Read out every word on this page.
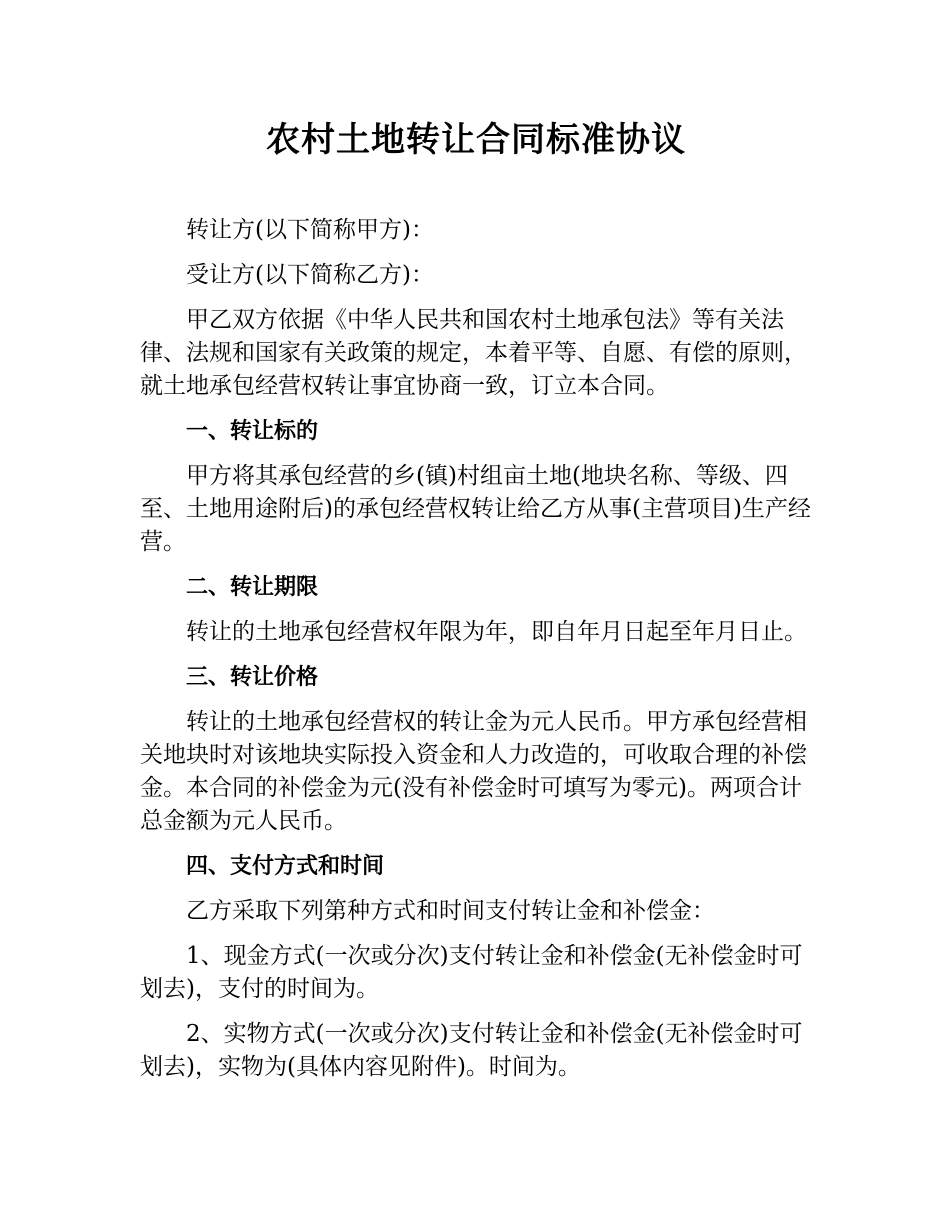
农村土地转让合同标准协议

转让方(以下简称甲方)：

受让方(以下简称乙方)：

甲乙双方依据《中华人民共和国农村土地承包法》等有关法律、法规和国家有关政策的规定，本着平等、自愿、有偿的原则，就土地承包经营权转让事宜协商一致，订立本合同。

一、转让标的

甲方将其承包经营的乡(镇)村组亩土地(地块名称、等级、四至、土地用途附后)的承包经营权转让给乙方从事(主营项目)生产经营。

二、转让期限

转让的土地承包经营权年限为年，即自年月日起至年月日止。

三、转让价格

转让的土地承包经营权的转让金为元人民币。甲方承包经营相关地块时对该地块实际投入资金和人力改造的，可收取合理的补偿金。本合同的补偿金为元(没有补偿金时可填写为零元)。两项合计总金额为元人民币。

四、支付方式和时间

乙方采取下列第种方式和时间支付转让金和补偿金：

1、现金方式(一次或分次)支付转让金和补偿金(无补偿金时可划去)，支付的时间为。

2、实物方式(一次或分次)支付转让金和补偿金(无补偿金时可划去)，实物为(具体内容见附件)。时间为。
